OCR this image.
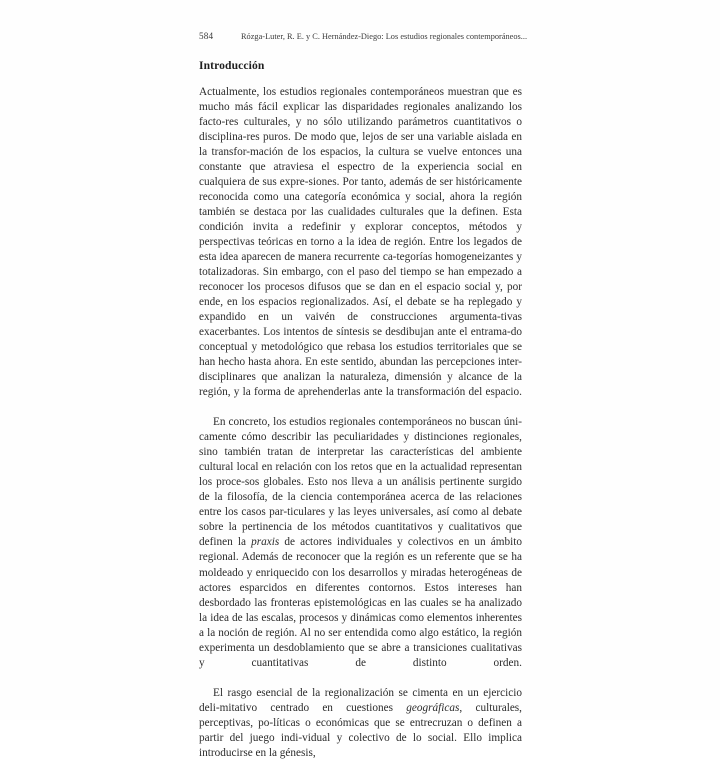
584	Rózga-Luter, R. E. y C. Hernández-Diego: Los estudios regionales contemporáneos...
Introducción

Actualmente, los estudios regionales contemporáneos muestran que es mucho más fácil explicar las disparidades regionales analizando los facto-res culturales, y no sólo utilizando parámetros cuantitativos o disciplina-res puros. De modo que, lejos de ser una variable aislada en la transfor-mación de los espacios, la cultura se vuelve entonces una constante que atraviesa el espectro de la experiencia social en cualquiera de sus expre-siones. Por tanto, además de ser históricamente reconocida como una categoría económica y social, ahora la región también se destaca por las cualidades culturales que la definen. Esta condición invita a redefinir y explorar conceptos, métodos y perspectivas teóricas en torno a la idea de región. Entre los legados de esta idea aparecen de manera recurrente ca-tegorías homogeneizantes y totalizadoras. Sin embargo, con el paso del tiempo se han empezado a reconocer los procesos difusos que se dan en el espacio social y, por ende, en los espacios regionalizados. Así, el debate se ha replegado y expandido en un vaivén de construcciones argumenta-tivas exacerbantes. Los intentos de síntesis se desdibujan ante el entrama-do conceptual y metodológico que rebasa los estudios territoriales que se han hecho hasta ahora. En este sentido, abundan las percepciones inter-disciplinares que analizan la naturaleza, dimensión y alcance de la región, y la forma de aprehenderlas ante la transformación del espacio.

En concreto, los estudios regionales contemporáneos no buscan úni-camente cómo describir las peculiaridades y distinciones regionales, sino también tratan de interpretar las características del ambiente cultural local en relación con los retos que en la actualidad representan los proce-sos globales. Esto nos lleva a un análisis pertinente surgido de la filosofía, de la ciencia contemporánea acerca de las relaciones entre los casos par-ticulares y las leyes universales, así como al debate sobre la pertinencia de los métodos cuantitativos y cualitativos que definen la praxis de actores individuales y colectivos en un ámbito regional. Además de reconocer que la región es un referente que se ha moldeado y enriquecido con los desarrollos y miradas heterogéneas de actores esparcidos en diferentes contornos. Estos intereses han desbordado las fronteras epistemológicas en las cuales se ha analizado la idea de las escalas, procesos y dinámicas como elementos inherentes a la noción de región. Al no ser entendida como algo estático, la región experimenta un desdoblamiento que se abre a transiciones cualitativas y cuantitativas de distinto orden.

El rasgo esencial de la regionalización se cimenta en un ejercicio deli-mitativo centrado en cuestiones geográficas, culturales, perceptivas, po-líticas o económicas que se entrecruzan o definen a partir del juego indi-vidual y colectivo de lo social. Ello implica introducirse en la génesis,
